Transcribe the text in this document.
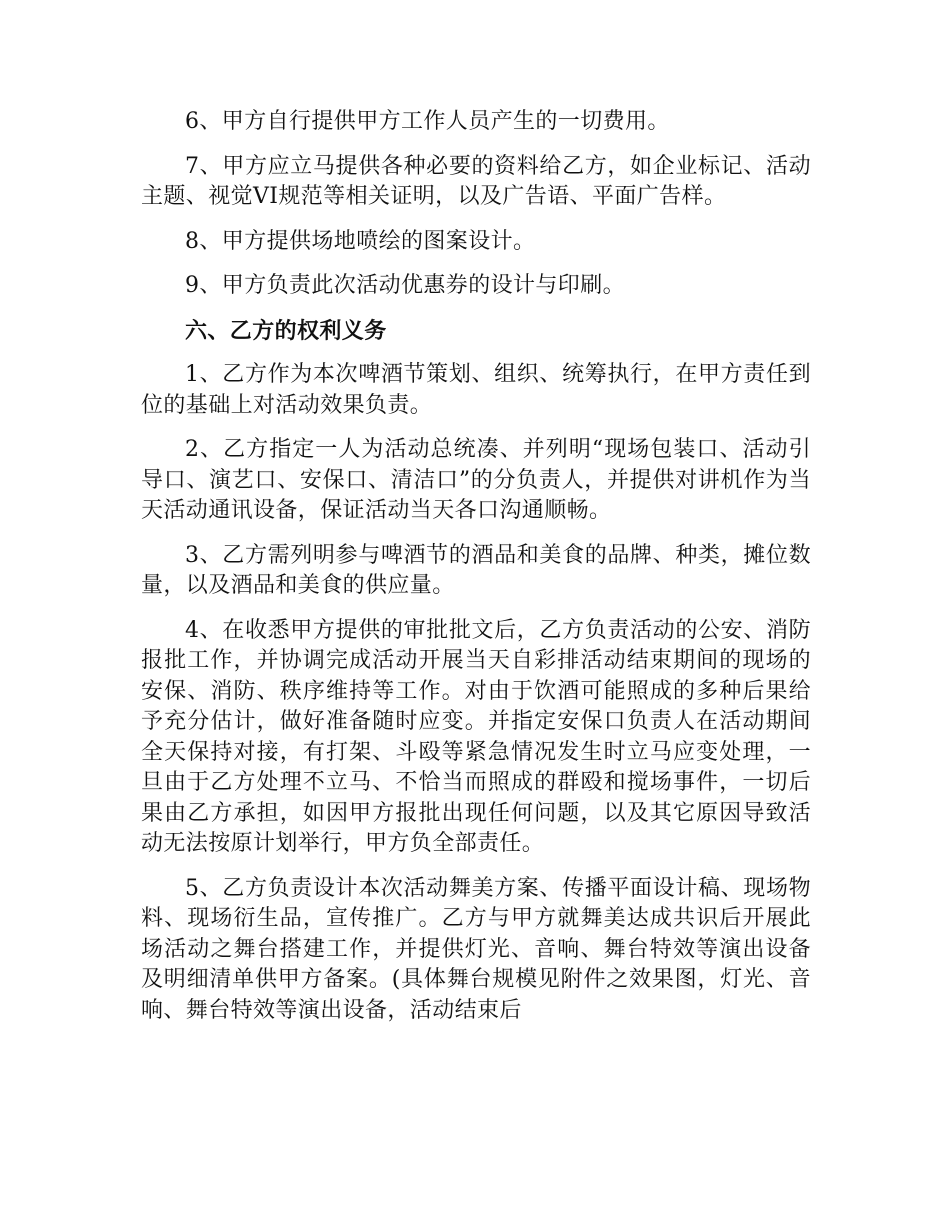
6、甲方自行提供甲方工作人员产生的一切费用。

7、甲方应立马提供各种必要的资料给乙方，如企业标记、活动主题、视觉VI规范等相关证明，以及广告语、平面广告样。

8、甲方提供场地喷绘的图案设计。

9、甲方负责此次活动优惠券的设计与印刷。

六、乙方的权利义务

1、乙方作为本次啤酒节策划、组织、统筹执行，在甲方责任到位的基础上对活动效果负责。

2、乙方指定一人为活动总统凑、并列明“现场包装口、活动引导口、演艺口、安保口、清洁口”的分负责人，并提供对讲机作为当天活动通讯设备，保证活动当天各口沟通顺畅。

3、乙方需列明参与啤酒节的酒品和美食的品牌、种类，摊位数量，以及酒品和美食的供应量。

4、在收悉甲方提供的审批批文后，乙方负责活动的公安、消防报批工作，并协调完成活动开展当天自彩排活动结束期间的现场的安保、消防、秩序维持等工作。对由于饮酒可能照成的多种后果给予充分估计，做好准备随时应变。并指定安保口负责人在活动期间全天保持对接，有打架、斗殴等紧急情况发生时立马应变处理，一旦由于乙方处理不立马、不恰当而照成的群殴和搅场事件，一切后果由乙方承担，如因甲方报批出现任何问题，以及其它原因导致活动无法按原计划举行，甲方负全部责任。

5、乙方负责设计本次活动舞美方案、传播平面设计稿、现场物料、现场衍生品，宣传推广。乙方与甲方就舞美达成共识后开展此场活动之舞台搭建工作，并提供灯光、音响、舞台特效等演出设备及明细清单供甲方备案。(具体舞台规模见附件之效果图，灯光、音响、舞台特效等演出设备，活动结束后
